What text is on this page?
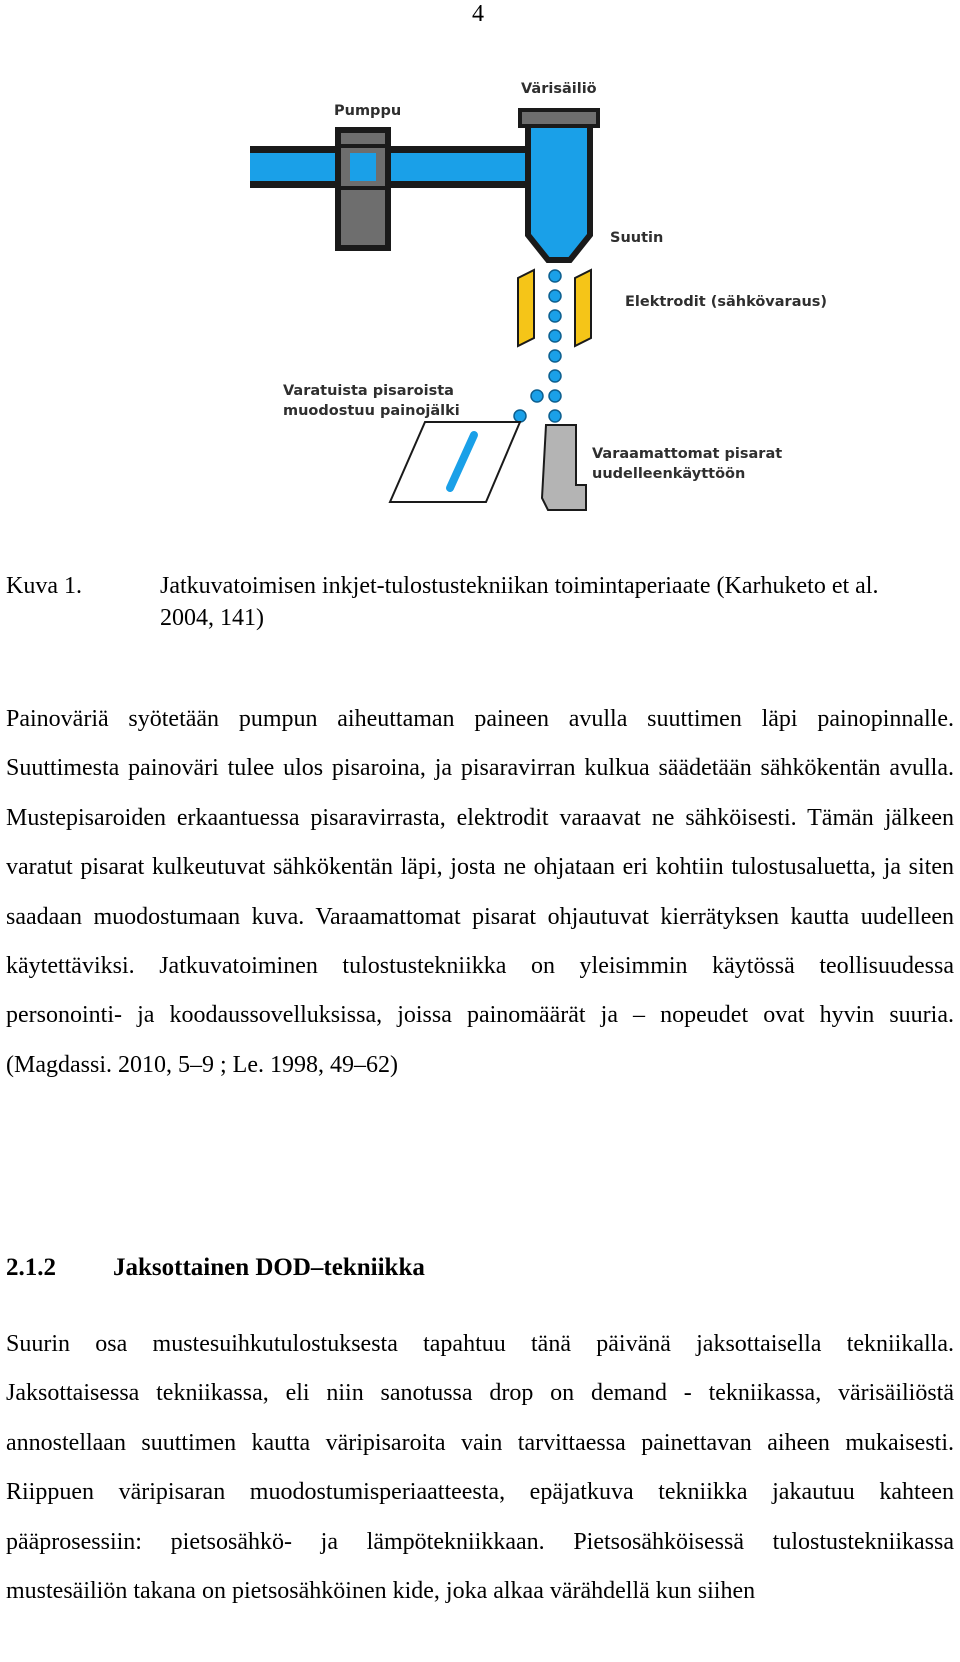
4
Pumppu
Värisäiliö
Suutin
Elektrodit (sähkövaraus)
Varatuista pisaroista
muodostuu painojälki
Varaamattomat pisarat
uudelleenkäyttöön
Kuva 1.	Jatkuvatoimisen inkjet-tulostustekniikan toimintaperiaate (Karhuketo et al. 2004, 141)

Painoväriä syötetään pumpun aiheuttaman paineen avulla suuttimen läpi painopinnalle. Suuttimesta painoväri tulee ulos pisaroina, ja pisaravirran kulkua säädetään sähkökentän avulla. Mustepisaroiden erkaantuessa pisaravirrasta, elektrodit varaavat ne sähköisesti. Tämän jälkeen varatut pisarat kulkeutuvat sähkökentän läpi, josta ne ohjataan eri kohtiin tulostusaluetta, ja siten saadaan muodostumaan kuva. Varaamattomat pisarat ohjautuvat kierrätyksen kautta uudelleen käytettäviksi. Jatkuvatoiminen tulostustekniikka on yleisimmin käytössä teollisuudessa personointi- ja koodaussovelluksissa, joissa painomäärät ja – nopeudet ovat hyvin suuria. (Magdassi. 2010, 5–9 ; Le. 1998, 49–62)

2.1.2 Jaksottainen DOD–tekniikka

Suurin osa mustesuihkutulostuksesta tapahtuu tänä päivänä jaksottaisella tekniikalla. Jaksottaisessa tekniikassa, eli niin sanotussa drop on demand - tekniikassa, värisäiliöstä annostellaan suuttimen kautta väripisaroita vain tarvittaessa painettavan aiheen mukaisesti. Riippuen väripisaran muodostumisperiaatteesta, epäjatkuva tekniikka jakautuu kahteen pääprosessiin: pietsosähkö- ja lämpötekniikkaan. Pietsosähköisessä tulostustekniikassa mustesäiliön takana on pietsosähköinen kide, joka alkaa värähdellä kun siihen
